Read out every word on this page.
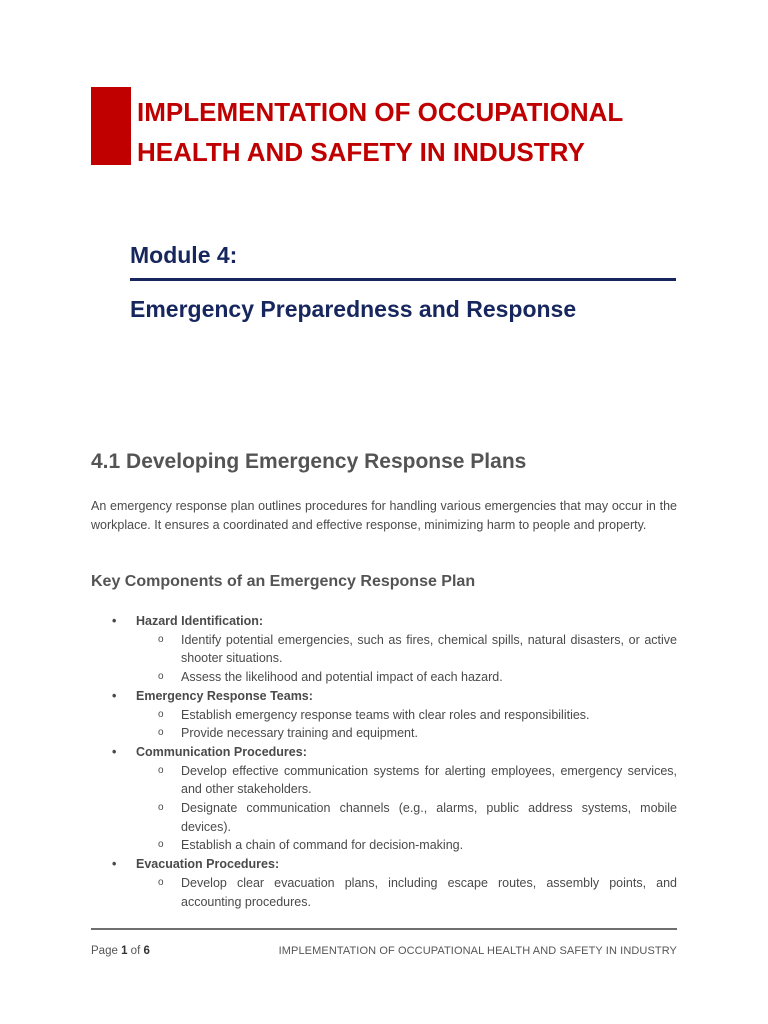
IMPLEMENTATION OF OCCUPATIONAL HEALTH AND SAFETY IN INDUSTRY
Module 4:
Emergency Preparedness and Response
4.1 Developing Emergency Response Plans

An emergency response plan outlines procedures for handling various emergencies that may occur in the workplace. It ensures a coordinated and effective response, minimizing harm to people and property.

Key Components of an Emergency Response Plan
• Hazard Identification:
o Identify potential emergencies, such as fires, chemical spills, natural disasters, or active shooter situations.
o Assess the likelihood and potential impact of each hazard.
• Emergency Response Teams:
o Establish emergency response teams with clear roles and responsibilities.
o Provide necessary training and equipment.
• Communication Procedures:
o Develop effective communication systems for alerting employees, emergency services, and other stakeholders.
o Designate communication channels (e.g., alarms, public address systems, mobile devices).
o Establish a chain of command for decision-making.
• Evacuation Procedures:
o Develop clear evacuation plans, including escape routes, assembly points, and accounting procedures.
Page 1 of 6	IMPLEMENTATION OF OCCUPATIONAL HEALTH AND SAFETY IN INDUSTRY
